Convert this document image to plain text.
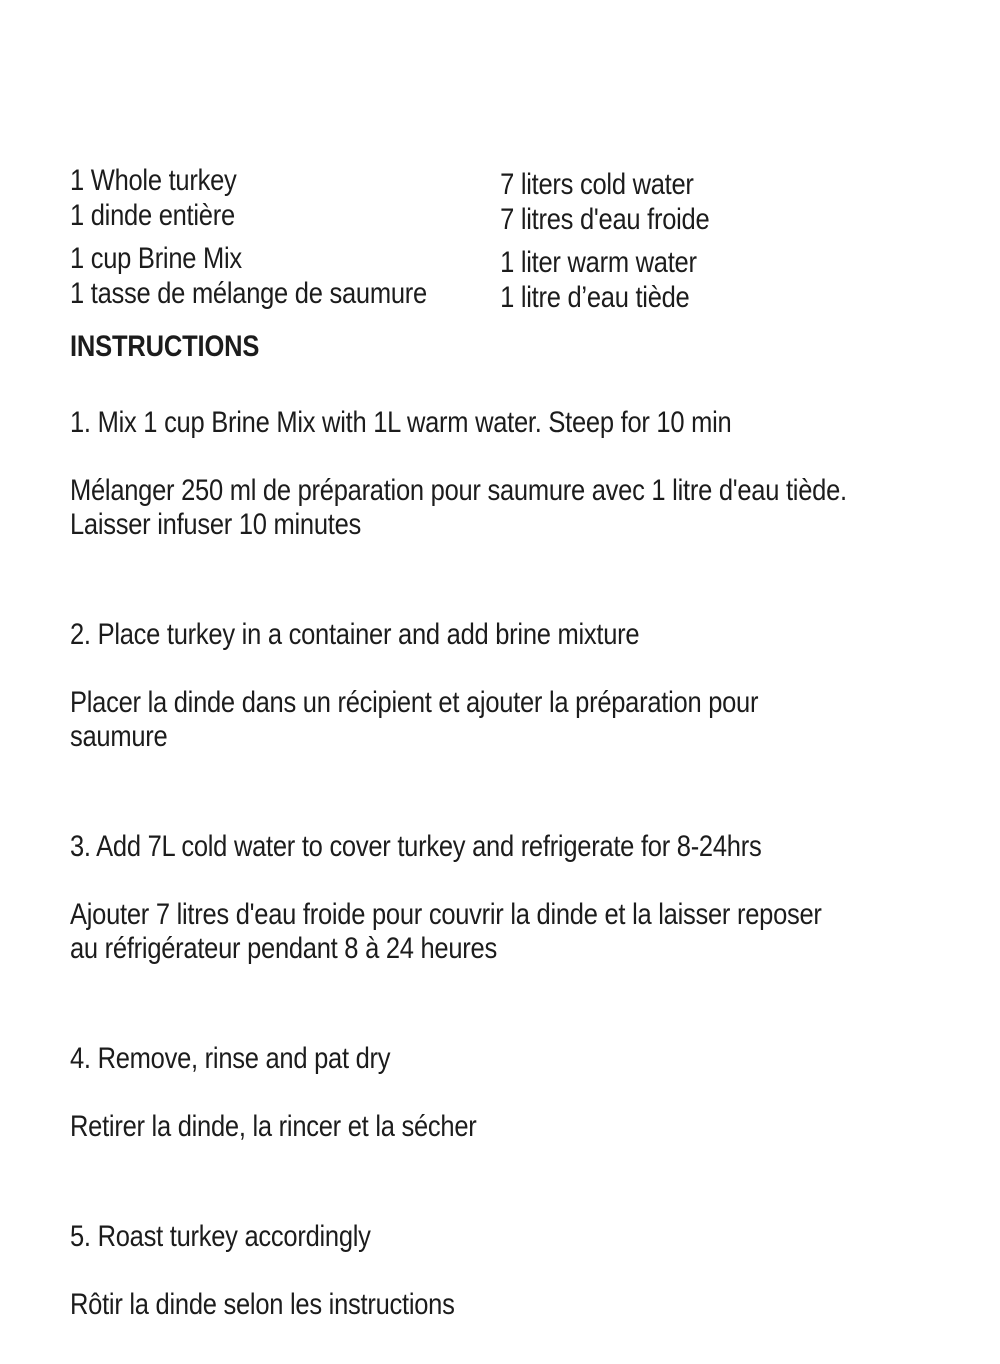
1 Whole turkey
1 dinde entière
1 cup Brine Mix
1 tasse de mélange de saumure
7 liters cold water
7 litres d'eau froide
1 liter warm water
1 litre d’eau tiède
INSTRUCTIONS

1. Mix 1 cup Brine Mix with 1L warm water. Steep for 10 min

Mélanger 250 ml de préparation pour saumure avec 1 litre d'eau tiède.
Laisser infuser 10 minutes

2. Place turkey in a container and add brine mixture

Placer la dinde dans un récipient et ajouter la préparation pour
saumure

3. Add 7L cold water to cover turkey and refrigerate for 8-24hrs

Ajouter 7 litres d'eau froide pour couvrir la dinde et la laisser reposer
au réfrigérateur pendant 8 à 24 heures

4. Remove, rinse and pat dry

Retirer la dinde, la rincer et la sécher

5. Roast turkey accordingly

Rôtir la dinde selon les instructions
